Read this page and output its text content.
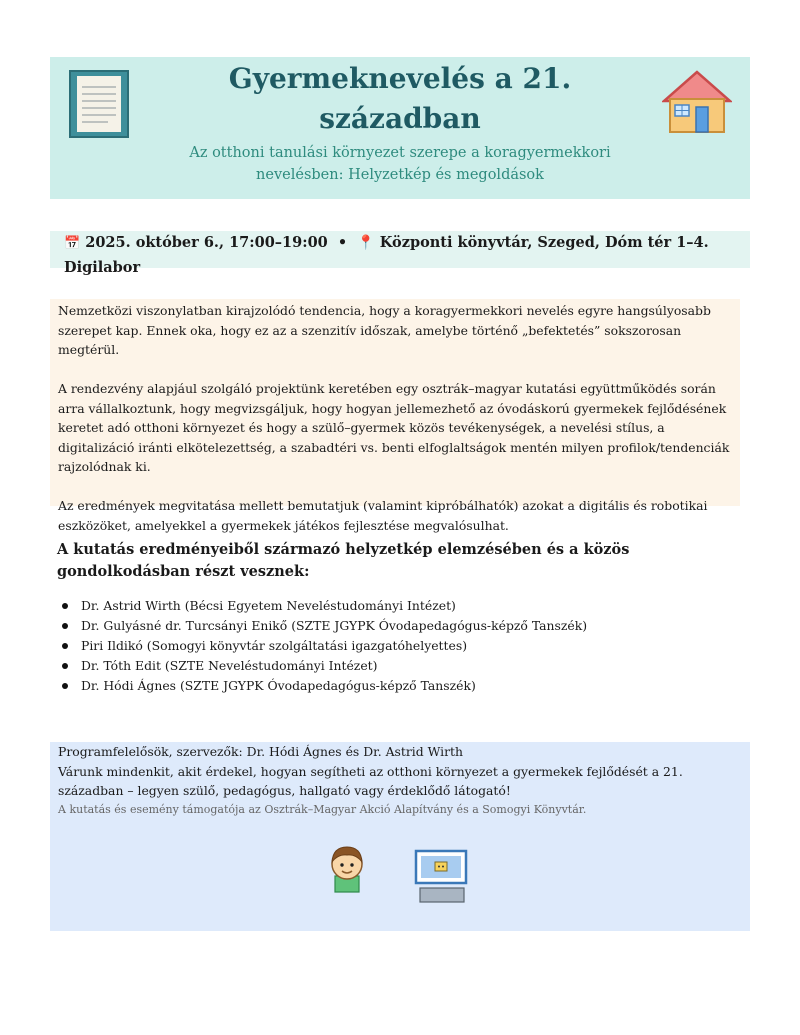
Gyermeknevelés a 21.
században
Az otthoni tanulási környezet szerepe a koragyermekkori
nevelésben: Helyzetkép és megoldások
📅 2025. október 6., 17:00–19:00 • 📍 Központi könyvtár, Szeged, Dóm tér 1–4. Digilabor

Nemzetközi viszonylatban kirajzolódó tendencia, hogy a koragyermekkori nevelés egyre hangsúlyosabb szerepet kap. Ennek oka, hogy ez az a szenzitív időszak, amelybe történő „befektetés” sokszorosan megtérül.

A rendezvény alapjául szolgáló projektünk keretében egy osztrák–magyar kutatási együttműködés során arra vállalkoztunk, hogy megvizsgáljuk, hogy hogyan jellemezhető az óvodáskorú gyermekek fejlődésének keretet adó otthoni környezet és hogy a szülő–gyermek közös tevékenységek, a nevelési stílus, a digitalizáció iránti elkötelezettség, a szabadtéri vs. benti elfoglaltságok mentén milyen profilok/tendenciák rajzolódnak ki.

Az eredmények megvitatása mellett bemutatjuk (valamint kipróbálhatók) azokat a digitális és robotikai eszközöket, amelyekkel a gyermekek játékos fejlesztése megvalósulhat.

A kutatás eredményeiből származó helyzetkép elemzésében és a közös gondolkodásban részt vesznek:
Dr. Astrid Wirth (Bécsi Egyetem Neveléstudományi Intézet)
Dr. Gulyásné dr. Turcsányi Enikő (SZTE JGYPK Óvodapedagógus-képző Tanszék)
Piri Ildikó (Somogyi könyvtár szolgáltatási igazgatóhelyettes)
Dr. Tóth Edit (SZTE Neveléstudományi Intézet)
Dr. Hódi Ágnes (SZTE JGYPK Óvodapedagógus-képző Tanszék)
Programfelelősök, szervezők: Dr. Hódi Ágnes és Dr. Astrid Wirth
Várunk mindenkit, akit érdekel, hogyan segítheti az otthoni környezet a gyermekek fejlődését a 21. században – legyen szülő, pedagógus, hallgató vagy érdeklődő látogató!
A kutatás és esemény támogatója az Osztrák–Magyar Akció Alapítvány és a Somogyi Könyvtár.
